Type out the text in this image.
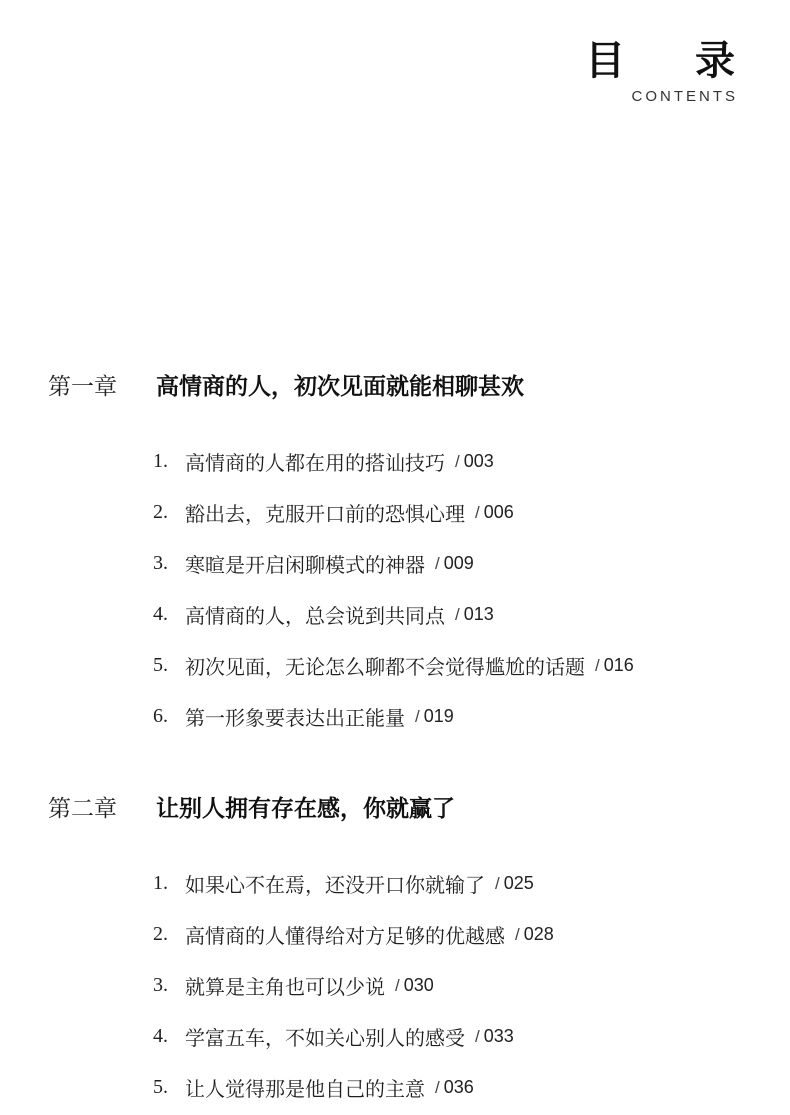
目 录
CONTENTS
第一章	高情商的人，初次见面就能相聊甚欢
1. 高情商的人都在用的搭讪技巧 / 003
2. 豁出去，克服开口前的恐惧心理 / 006
3. 寒暄是开启闲聊模式的神器 / 009
4. 高情商的人，总会说到共同点 / 013
5. 初次见面，无论怎么聊都不会觉得尴尬的话题 / 016
6. 第一形象要表达出正能量 / 019
第二章	让别人拥有存在感，你就赢了
1. 如果心不在焉，还没开口你就输了 / 025
2. 高情商的人懂得给对方足够的优越感 / 028
3. 就算是主角也可以少说 / 030
4. 学富五车，不如关心别人的感受 / 033
5. 让人觉得那是他自己的主意 / 036
